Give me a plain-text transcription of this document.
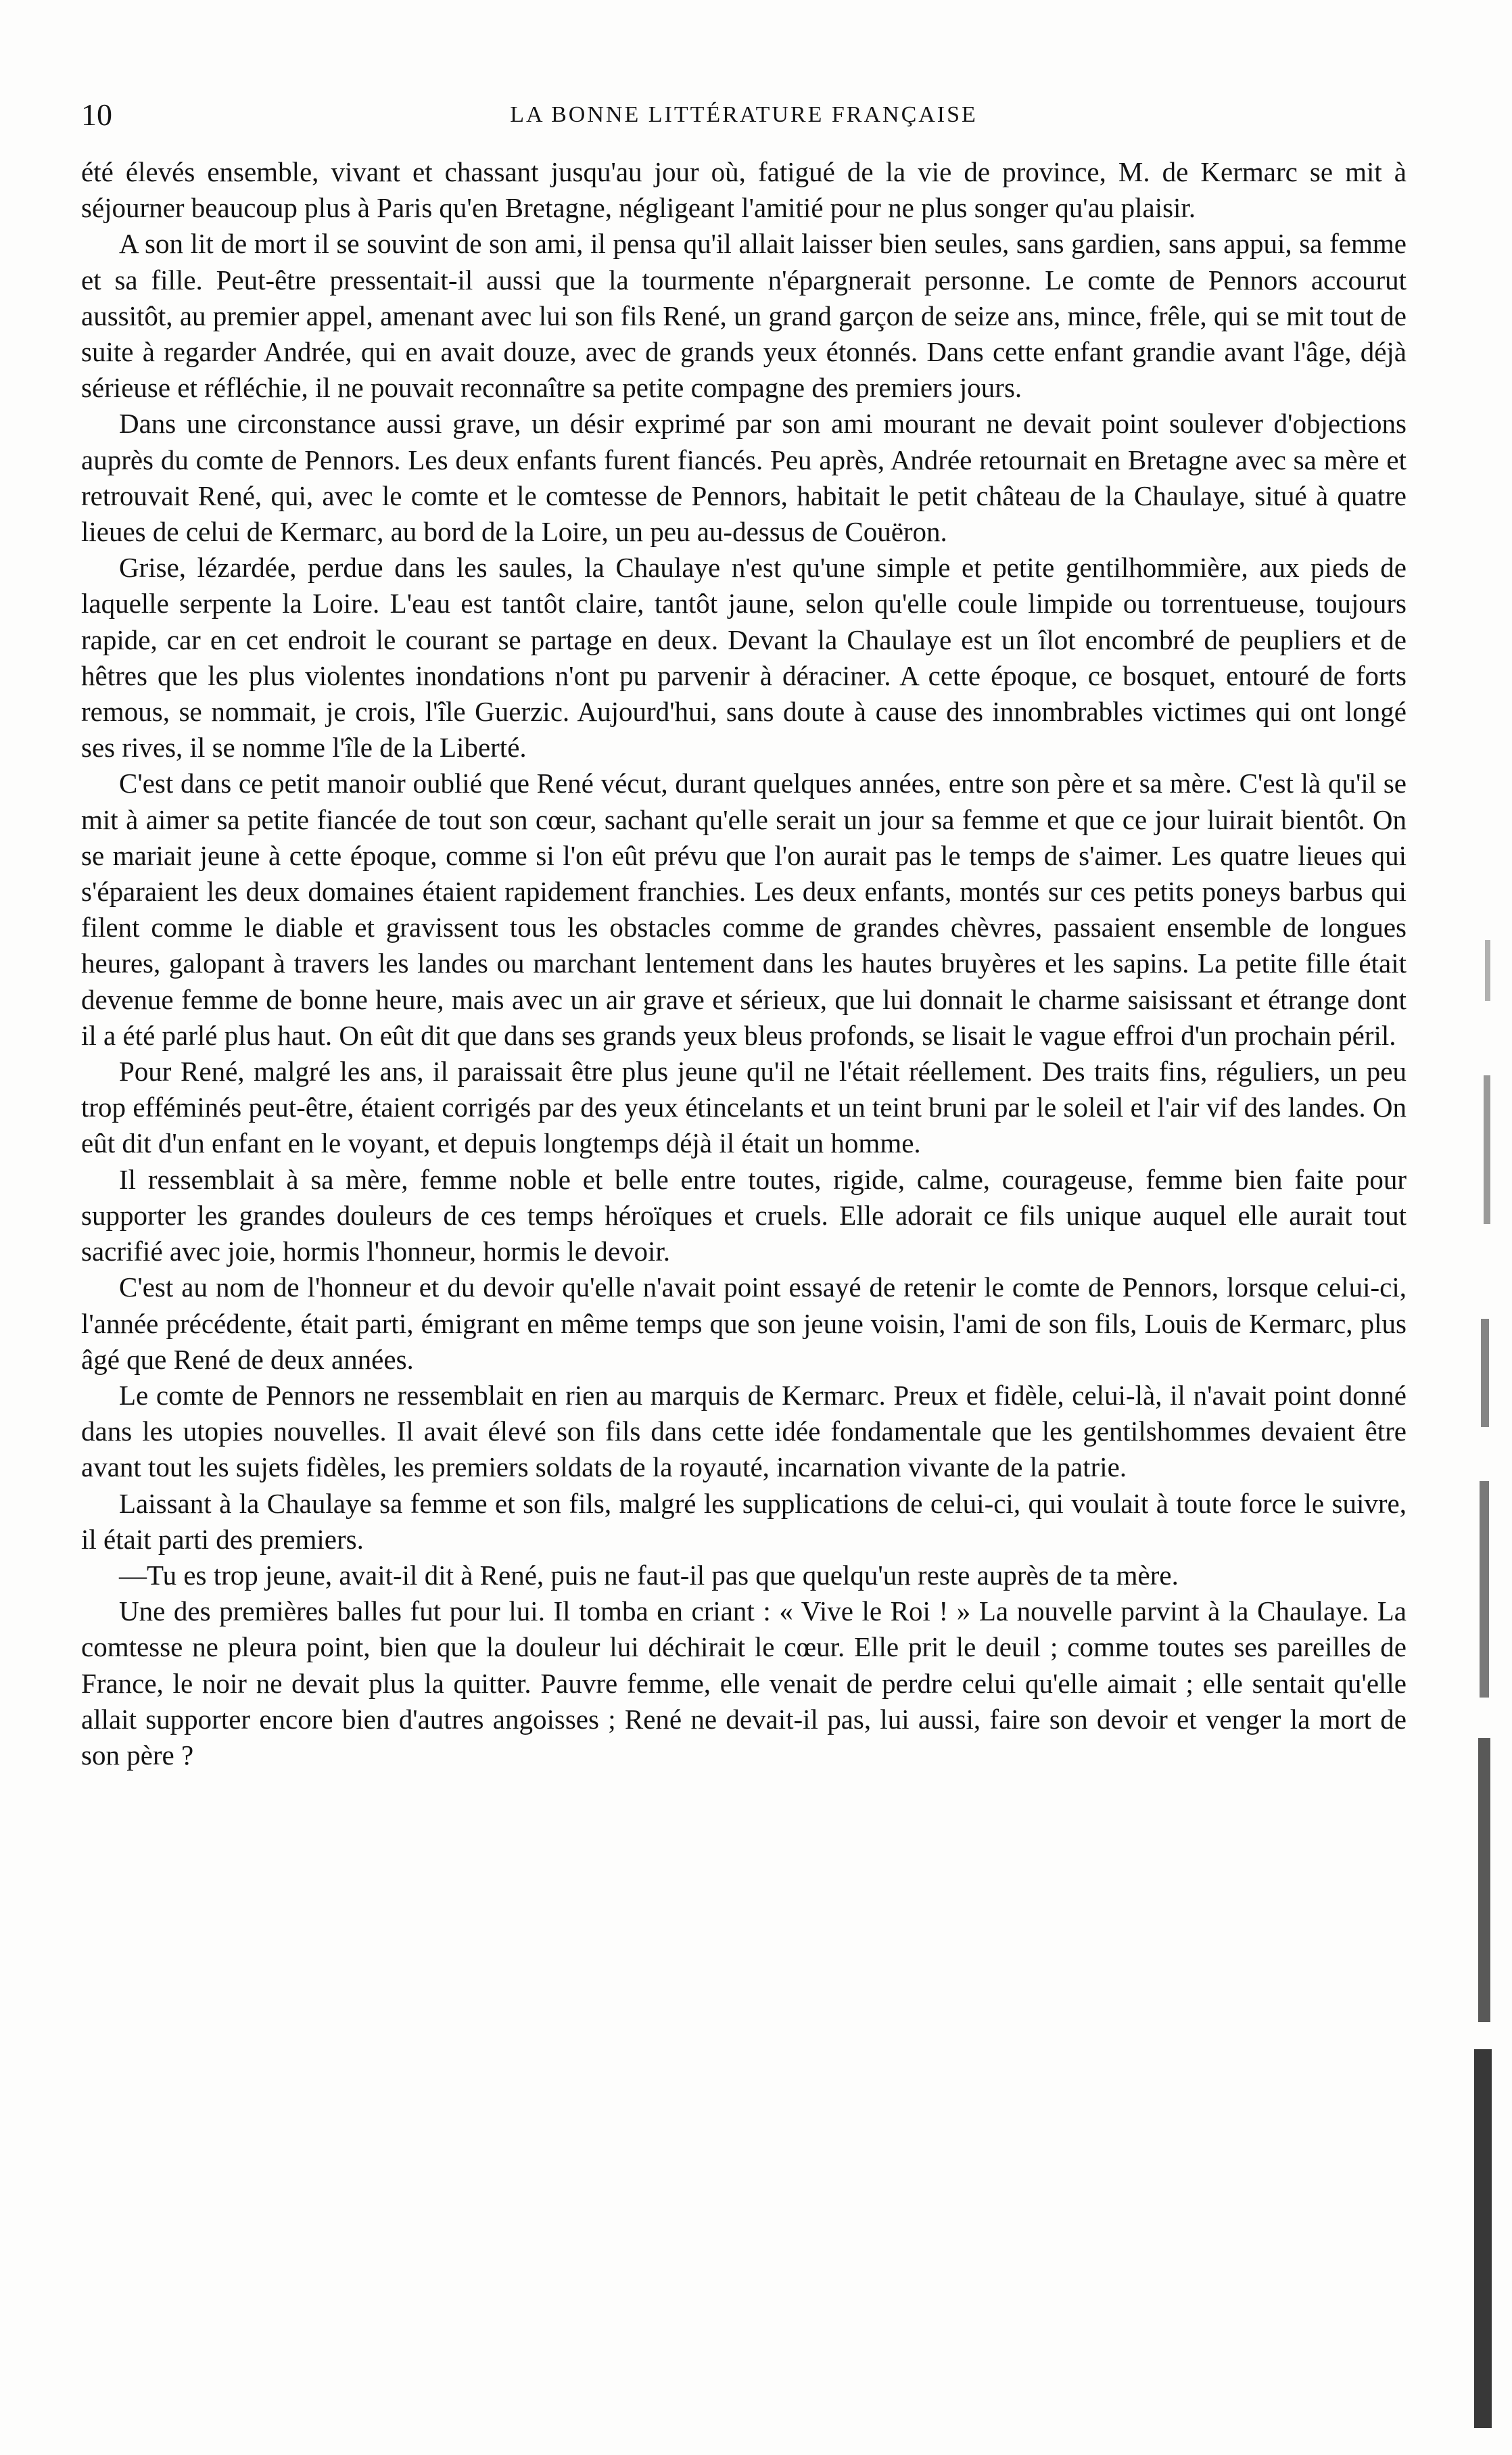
10	LA BONNE LITTÉRATURE FRANÇAISE

été élevés ensemble, vivant et chassant jusqu'au jour où, fatigué de la vie de province, M. de Kermarc se mit à séjourner beaucoup plus à Paris qu'en Bretagne, négligeant l'amitié pour ne plus songer qu'au plaisir.

A son lit de mort il se souvint de son ami, il pensa qu'il allait laisser bien seules, sans gardien, sans appui, sa femme et sa fille. Peut-être pressentait-il aussi que la tourmente n'épargnerait personne. Le comte de Pennors accourut aussitôt, au premier appel, amenant avec lui son fils René, un grand garçon de seize ans, mince, frêle, qui se mit tout de suite à regarder Andrée, qui en avait douze, avec de grands yeux étonnés. Dans cette enfant grandie avant l'âge, déjà sérieuse et réfléchie, il ne pouvait reconnaître sa petite compagne des premiers jours.

Dans une circonstance aussi grave, un désir exprimé par son ami mourant ne devait point soulever d'objections auprès du comte de Pennors. Les deux enfants furent fiancés. Peu après, Andrée retournait en Bretagne avec sa mère et retrouvait René, qui, avec le comte et le comtesse de Pennors, habitait le petit château de la Chaulaye, situé à quatre lieues de celui de Kermarc, au bord de la Loire, un peu au-dessus de Couëron.

Grise, lézardée, perdue dans les saules, la Chaulaye n'est qu'une simple et petite gentilhommière, aux pieds de laquelle serpente la Loire. L'eau est tantôt claire, tantôt jaune, selon qu'elle coule limpide ou torrentueuse, toujours rapide, car en cet endroit le courant se partage en deux. Devant la Chaulaye est un îlot encombré de peupliers et de hêtres que les plus violentes inondations n'ont pu parvenir à déraciner. A cette époque, ce bosquet, entouré de forts remous, se nommait, je crois, l'île Guerzic. Aujourd'hui, sans doute à cause des innombrables victimes qui ont longé ses rives, il se nomme l'île de la Liberté.

C'est dans ce petit manoir oublié que René vécut, durant quelques années, entre son père et sa mère. C'est là qu'il se mit à aimer sa petite fiancée de tout son cœur, sachant qu'elle serait un jour sa femme et que ce jour luirait bientôt. On se mariait jeune à cette époque, comme si l'on eût prévu que l'on aurait pas le temps de s'aimer. Les quatre lieues qui s'éparaient les deux domaines étaient rapidement franchies. Les deux enfants, montés sur ces petits poneys barbus qui filent comme le diable et gravissent tous les obstacles comme de grandes chèvres, passaient ensemble de longues heures, galopant à travers les landes ou marchant lentement dans les hautes bruyères et les sapins. La petite fille était devenue femme de bonne heure, mais avec un air grave et sérieux, que lui donnait le charme saisissant et étrange dont il a été parlé plus haut. On eût dit que dans ses grands yeux bleus profonds, se lisait le vague effroi d'un prochain péril.

Pour René, malgré les ans, il paraissait être plus jeune qu'il ne l'était réellement. Des traits fins, réguliers, un peu trop efféminés peut-être, étaient corrigés par des yeux étincelants et un teint bruni par le soleil et l'air vif des landes. On eût dit d'un enfant en le voyant, et depuis longtemps déjà il était un homme.

Il ressemblait à sa mère, femme noble et belle entre toutes, rigide, calme, courageuse, femme bien faite pour supporter les grandes douleurs de ces temps héroïques et cruels. Elle adorait ce fils unique auquel elle aurait tout sacrifié avec joie, hormis l'honneur, hormis le devoir.

C'est au nom de l'honneur et du devoir qu'elle n'avait point essayé de retenir le comte de Pennors, lorsque celui-ci, l'année précédente, était parti, émigrant en même temps que son jeune voisin, l'ami de son fils, Louis de Kermarc, plus âgé que René de deux années.

Le comte de Pennors ne ressemblait en rien au marquis de Kermarc. Preux et fidèle, celui-là, il n'avait point donné dans les utopies nouvelles. Il avait élevé son fils dans cette idée fondamentale que les gentilshommes devaient être avant tout les sujets fidèles, les premiers soldats de la royauté, incarnation vivante de la patrie.

Laissant à la Chaulaye sa femme et son fils, malgré les supplications de celui-ci, qui voulait à toute force le suivre, il était parti des premiers.

—Tu es trop jeune, avait-il dit à René, puis ne faut-il pas que quelqu'un reste auprès de ta mère.

Une des premières balles fut pour lui. Il tomba en criant : « Vive le Roi ! » La nouvelle parvint à la Chaulaye. La comtesse ne pleura point, bien que la douleur lui déchirait le cœur. Elle prit le deuil ; comme toutes ses pareilles de France, le noir ne devait plus la quitter. Pauvre femme, elle venait de perdre celui qu'elle aimait ; elle sentait qu'elle allait supporter encore bien d'autres angoisses ; René ne devait-il pas, lui aussi, faire son devoir et venger la mort de son père ?
